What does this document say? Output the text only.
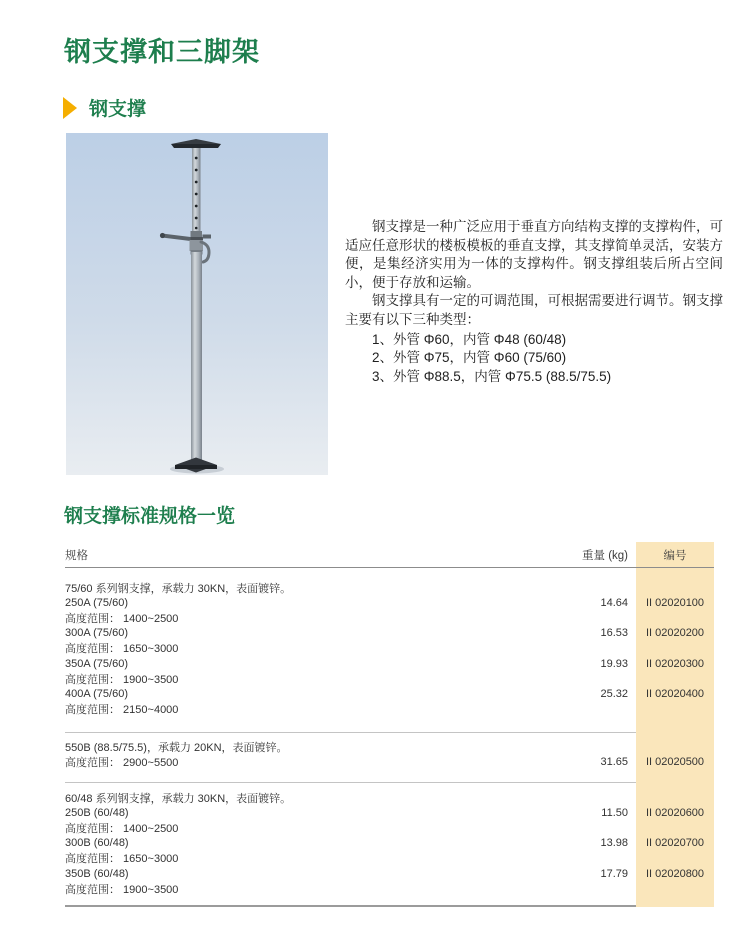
钢支撑和三脚架
钢支撑

钢支撑是一种广泛应用于垂直方向结构支撑的支撑构件，可适应任意形状的楼板模板的垂直支撑，其支撑简单灵活，安装方便，是集经济实用为一体的支撑构件。钢支撑组装后所占空间小，便于存放和运输。

钢支撑具有一定的可调范围，可根据需要进行调节。钢支撑主要有以下三种类型：

1、外管 Φ60，内管 Φ48 (60/48)
2、外管 Φ75，内管 Φ60 (75/60)
3、外管 Φ88.5，内管 Φ75.5 (88.5/75.5)
钢支撑标准规格一览
规格	重量 (kg)	编号
75/60 系列钢支撑，承载力 30KN，表面镀锌。
250A (75/60)	14.64	II 02020100
高度范围： 1400~2500
300A (75/60)	16.53	II 02020200
高度范围： 1650~3000
350A (75/60)	19.93	II 02020300
高度范围： 1900~3500
400A (75/60)	25.32	II 02020400
高度范围： 2150~4000
550B (88.5/75.5)，承载力 20KN，表面镀锌。
高度范围： 2900~5500	31.65	II 02020500
60/48 系列钢支撑，承载力 30KN，表面镀锌。
250B (60/48)	11.50	II 02020600
高度范围： 1400~2500
300B (60/48)	13.98	II 02020700
高度范围： 1650~3000
350B (60/48)	17.79	II 02020800
高度范围： 1900~3500
